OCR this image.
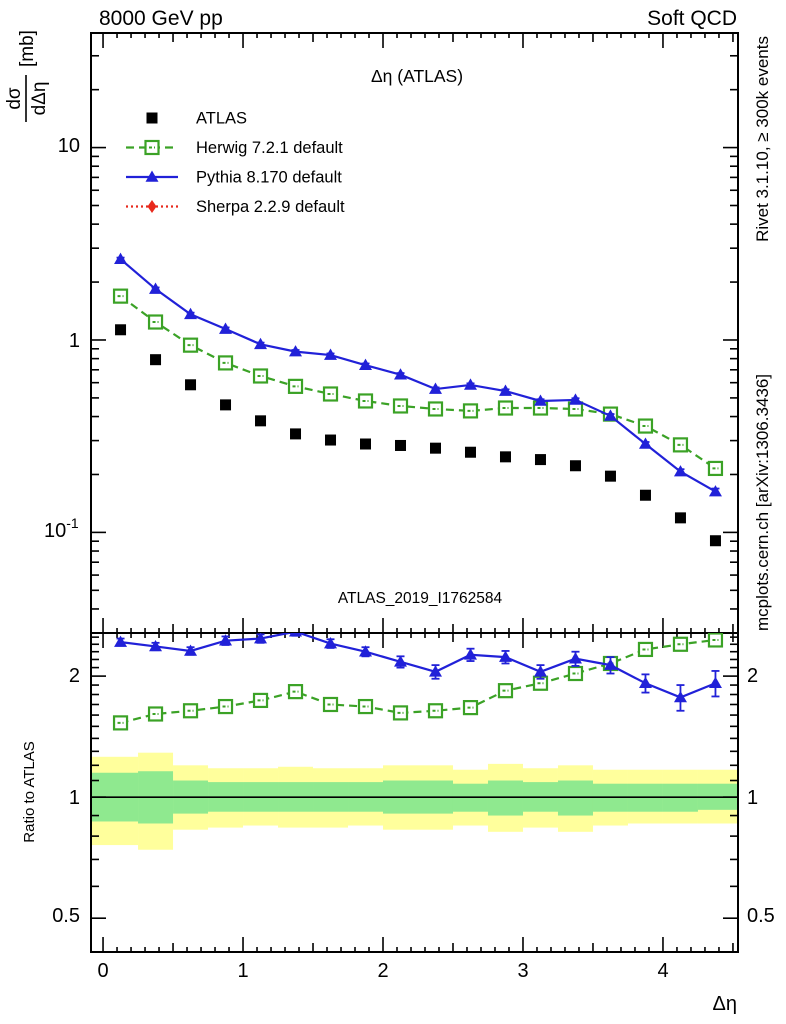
ATLAS
Herwig 7.2.1 default
Pythia 8.170 default
Sherpa 2.2.9 default
8000 GeV pp	Soft QCD
Δη (ATLAS)
ATLAS_2019_I1762584
dσ dΔη
[mb]
10
1
$10^{-1}$
2
1
0.5
2
1
0.5
Ratio to ATLAS
0	1	2	3	4
Δη
Rivet 3.1.10, ≥ 300k events
mcplots.cern.ch [arXiv:1306.3436]
